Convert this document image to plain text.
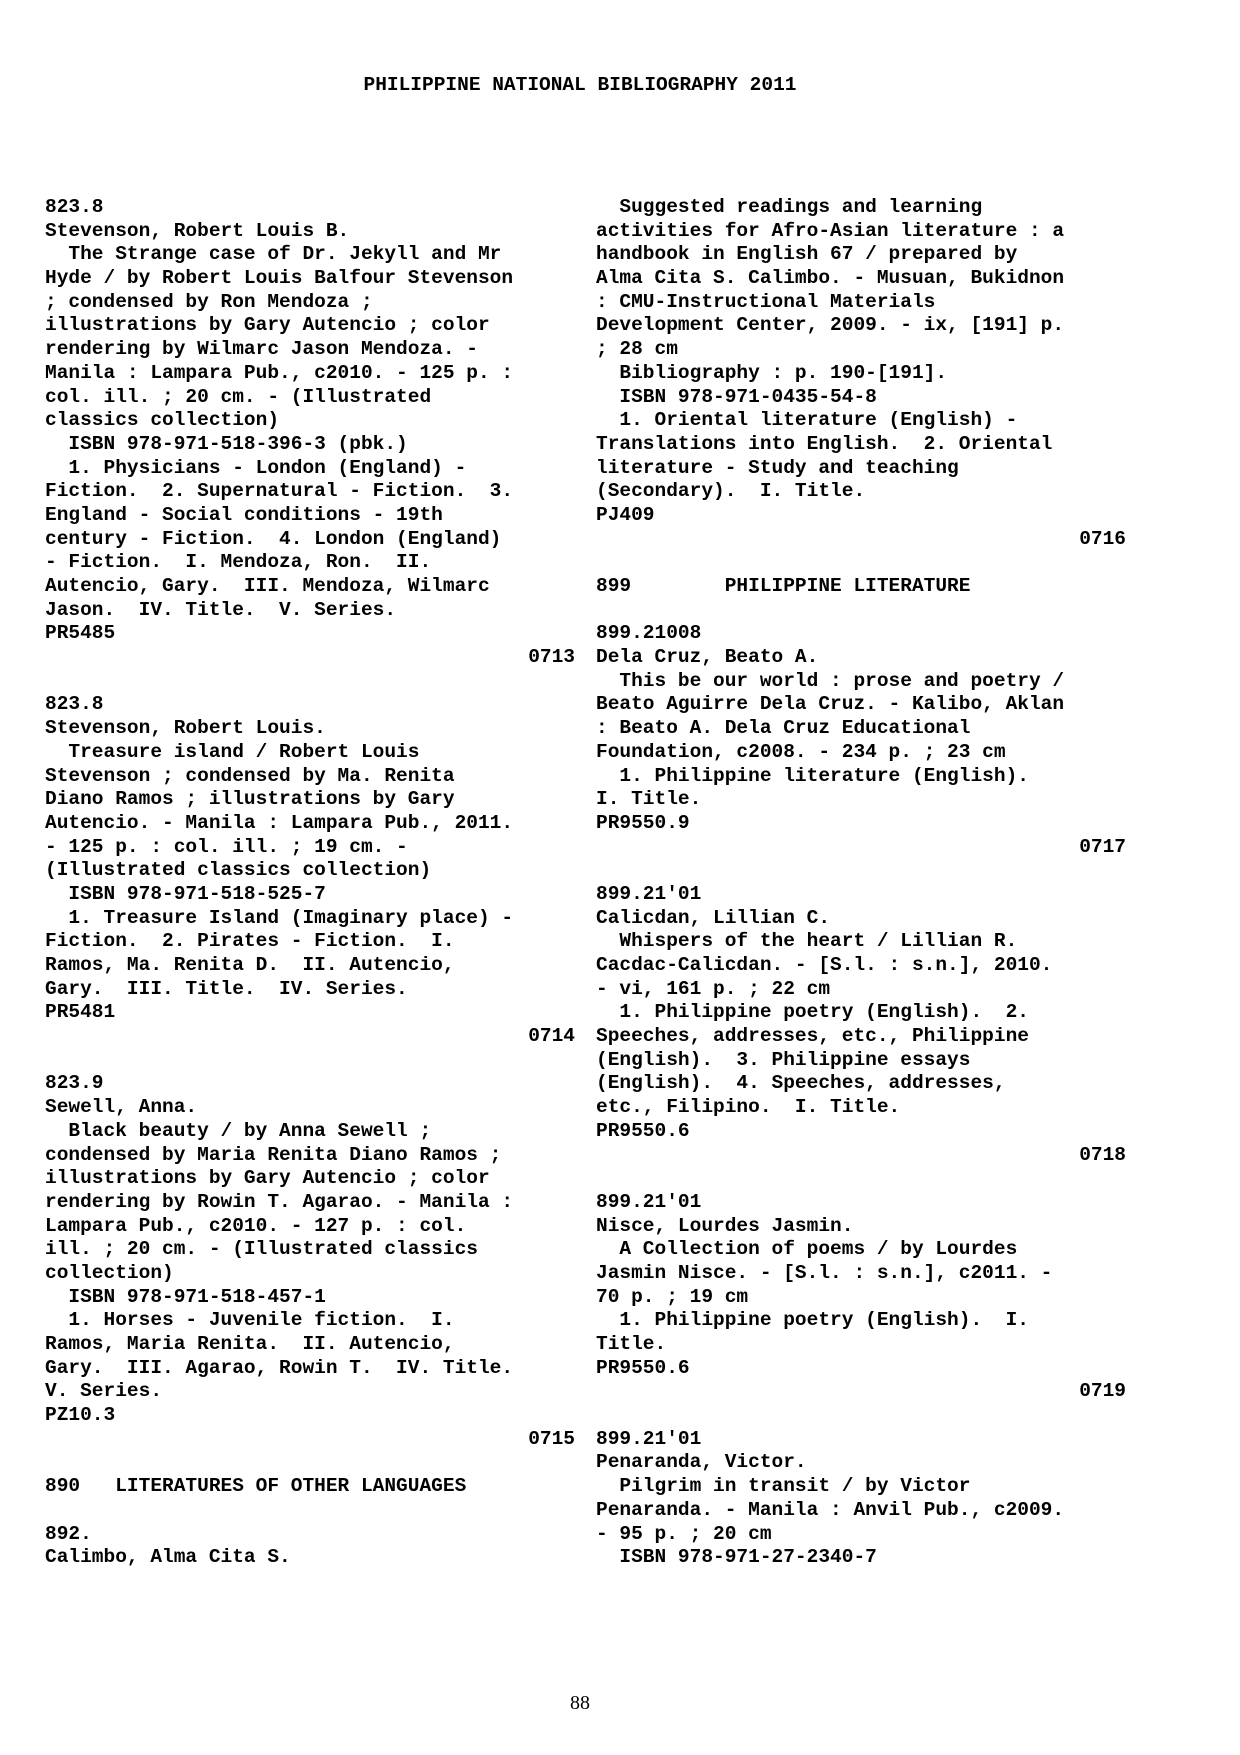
PHILIPPINE NATIONAL BIBLIOGRAPHY 2011
823.8
Stevenson, Robert Louis B.
The Strange case of Dr. Jekyll and Mr
Hyde / by Robert Louis Balfour Stevenson
; condensed by Ron Mendoza ;
illustrations by Gary Autencio ; color
rendering by Wilmarc Jason Mendoza. -
Manila : Lampara Pub., c2010. - 125 p. :
col. ill. ; 20 cm. - (Illustrated
classics collection)
ISBN 978-971-518-396-3 (pbk.)
1. Physicians - London (England) -
Fiction.  2. Supernatural - Fiction.  3.
England - Social conditions - 19th
century - Fiction.  4. London (England)
- Fiction.  I. Mendoza, Ron.  II.
Autencio, Gary.  III. Mendoza, Wilmarc
Jason.  IV. Title.  V. Series.
PR5485
0713
823.8
Stevenson, Robert Louis.
Treasure island / Robert Louis
Stevenson ; condensed by Ma. Renita
Diano Ramos ; illustrations by Gary
Autencio. - Manila : Lampara Pub., 2011.
- 125 p. : col. ill. ; 19 cm. -
(Illustrated classics collection)
ISBN 978-971-518-525-7
1. Treasure Island (Imaginary place) -
Fiction.  2. Pirates - Fiction.  I.
Ramos, Ma. Renita D.  II. Autencio,
Gary.  III. Title.  IV. Series.
PR5481
0714
823.9
Sewell, Anna.
Black beauty / by Anna Sewell ;
condensed by Maria Renita Diano Ramos ;
illustrations by Gary Autencio ; color
rendering by Rowin T. Agarao. - Manila :
Lampara Pub., c2010. - 127 p. : col.
ill. ; 20 cm. - (Illustrated classics
collection)
ISBN 978-971-518-457-1
1. Horses - Juvenile fiction.  I.
Ramos, Maria Renita.  II. Autencio,
Gary.  III. Agarao, Rowin T.  IV. Title.
V. Series.
PZ10.3
0715
890   LITERATURES OF OTHER LANGUAGES
892.
Calimbo, Alma Cita S.
Suggested readings and learning
activities for Afro-Asian literature : a
handbook in English 67 / prepared by
Alma Cita S. Calimbo. - Musuan, Bukidnon
: CMU-Instructional Materials
Development Center, 2009. - ix, [191] p.
; 28 cm
Bibliography : p. 190-[191].
ISBN 978-971-0435-54-8
1. Oriental literature (English) -
Translations into English.  2. Oriental
literature - Study and teaching
(Secondary).  I. Title.
PJ409
0716
899        PHILIPPINE LITERATURE
899.21008
Dela Cruz, Beato A.
This be our world : prose and poetry /
Beato Aguirre Dela Cruz. - Kalibo, Aklan
: Beato A. Dela Cruz Educational
Foundation, c2008. - 234 p. ; 23 cm
1. Philippine literature (English).
I. Title.
PR9550.9
0717
899.21'01
Calicdan, Lillian C.
Whispers of the heart / Lillian R.
Cacdac-Calicdan. - [S.l. : s.n.], 2010.
- vi, 161 p. ; 22 cm
1. Philippine poetry (English).  2.
Speeches, addresses, etc., Philippine
(English).  3. Philippine essays
(English).  4. Speeches, addresses,
etc., Filipino.  I. Title.
PR9550.6
0718
899.21'01
Nisce, Lourdes Jasmin.
A Collection of poems / by Lourdes
Jasmin Nisce. - [S.l. : s.n.], c2011. -
70 p. ; 19 cm
1. Philippine poetry (English).  I.
Title.
PR9550.6
0719
899.21'01
Penaranda, Victor.
Pilgrim in transit / by Victor
Penaranda. - Manila : Anvil Pub., c2009.
- 95 p. ; 20 cm
ISBN 978-971-27-2340-7
88
